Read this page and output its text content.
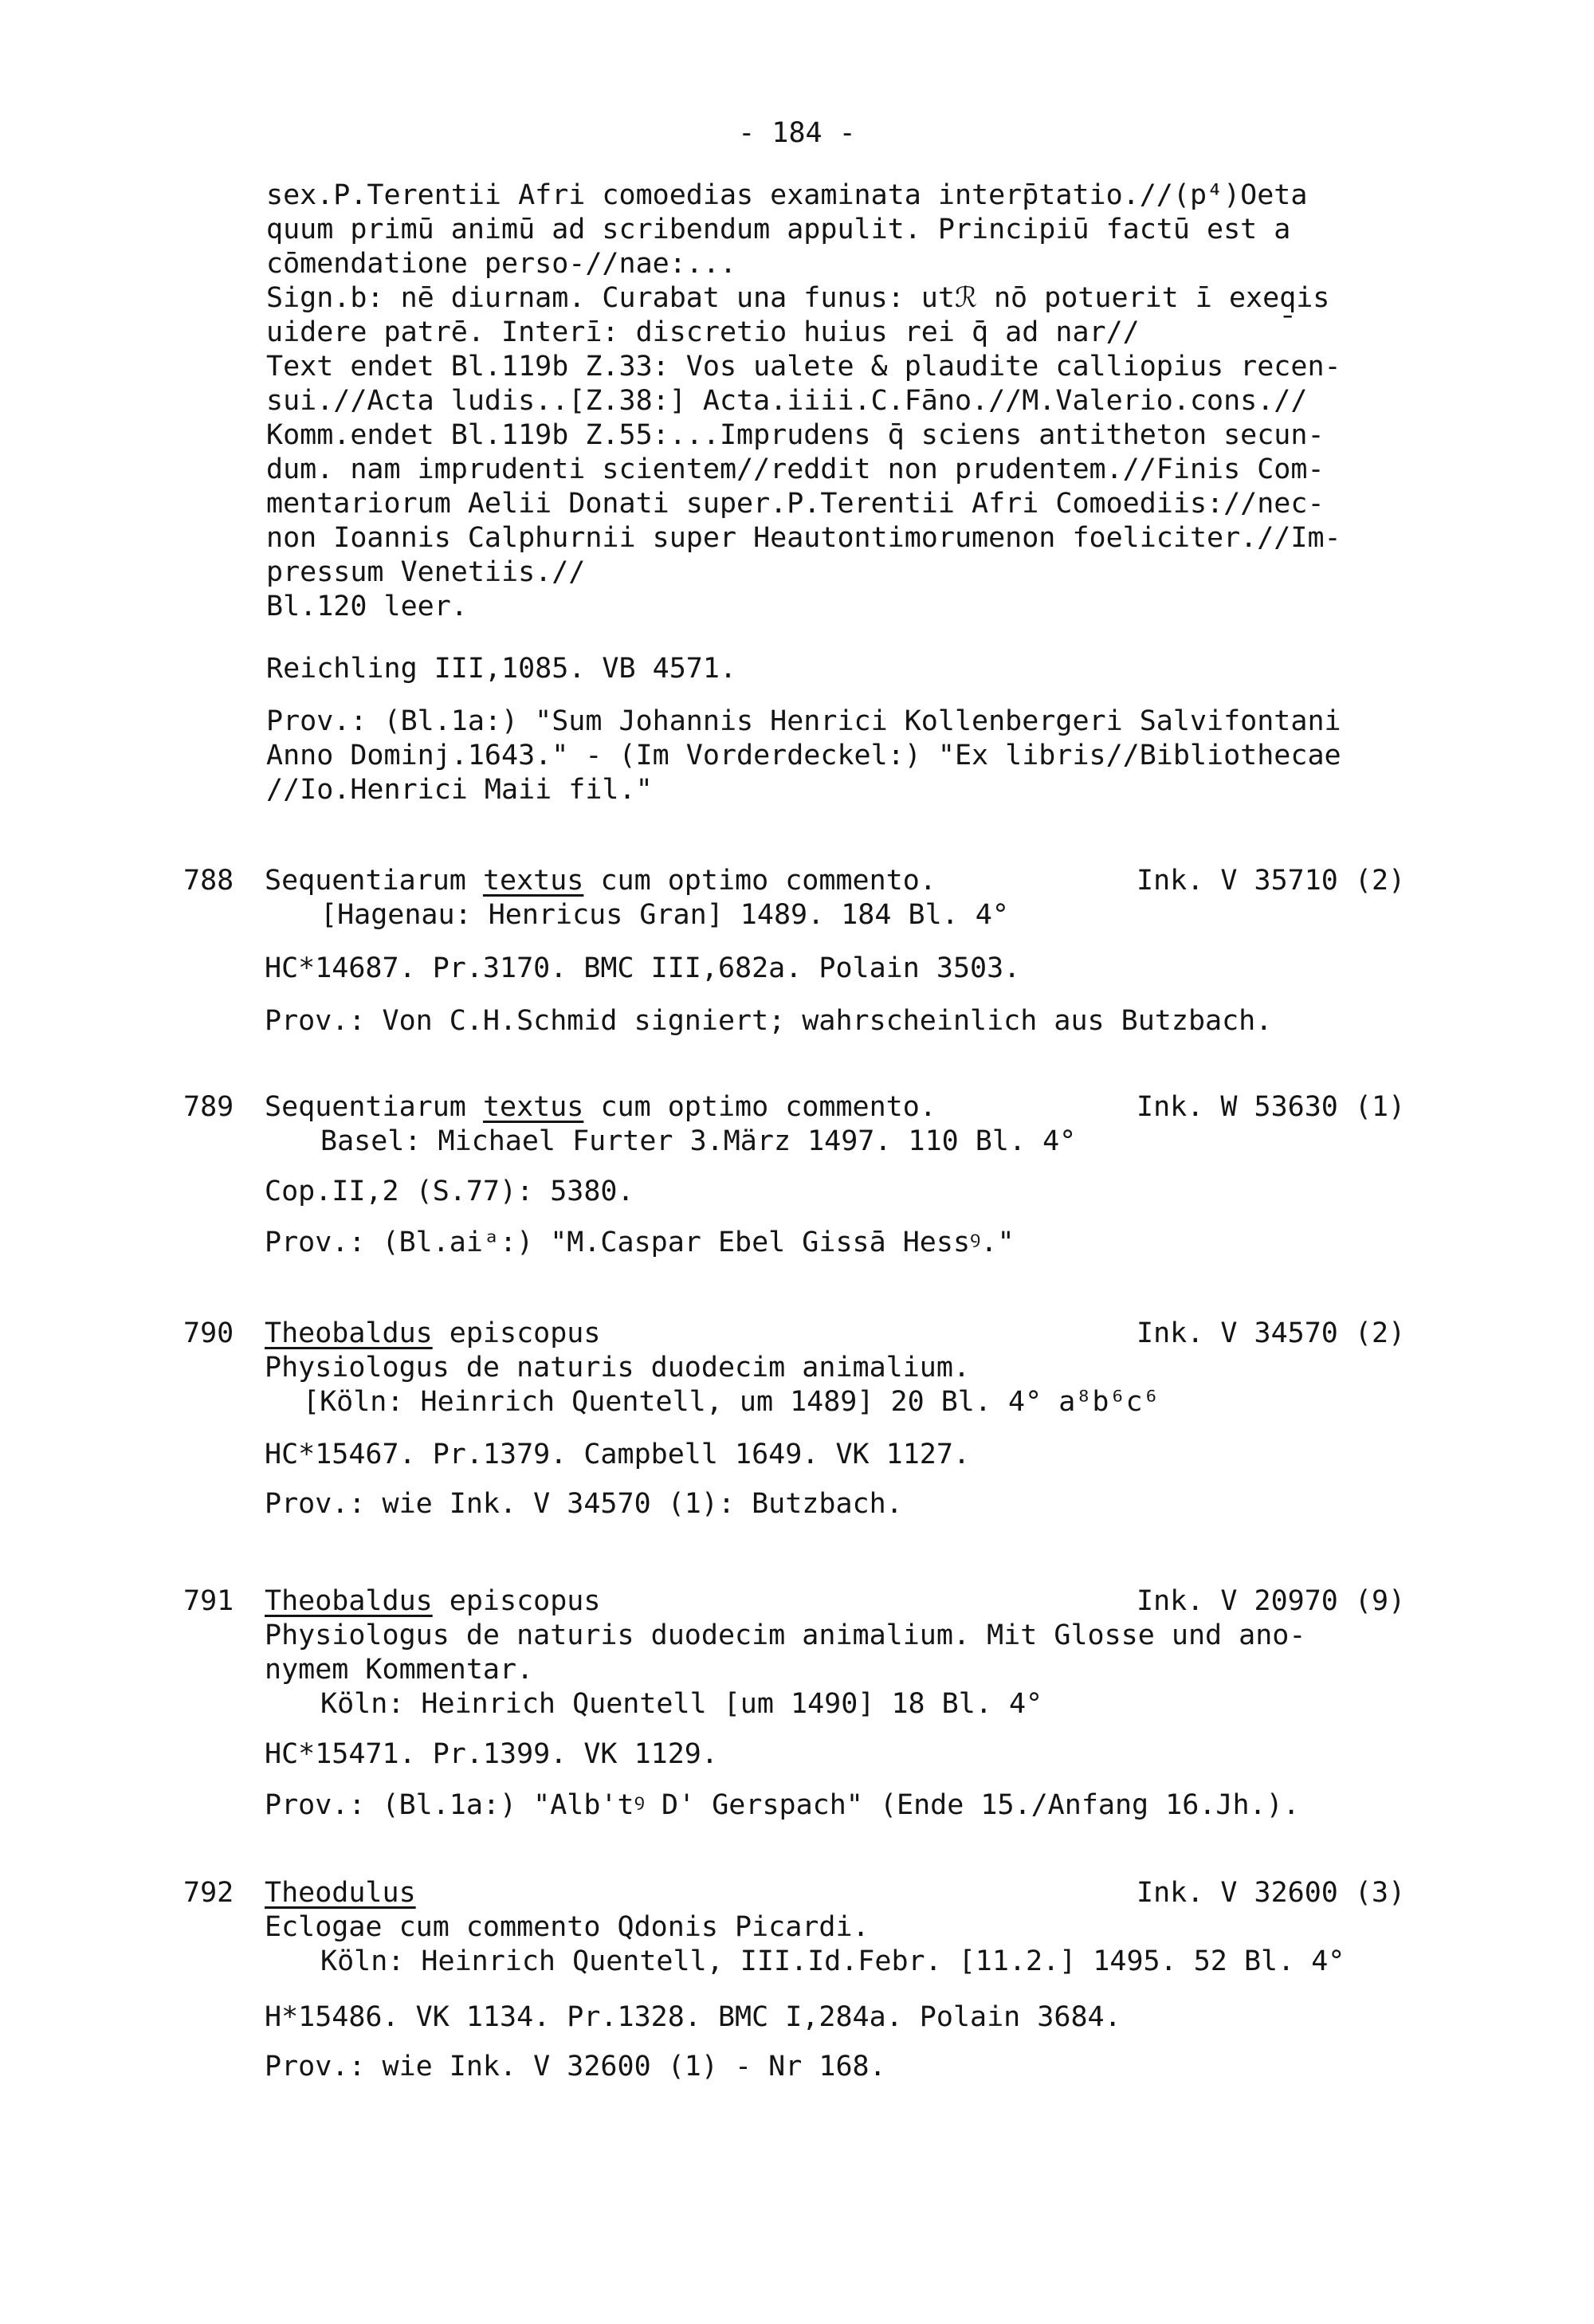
- 184 -
sex.P.Terentii Afri comoedias examinata interp̄tatio.//(p⁴)Oeta
quum primū animū ad scribendum appulit. Principiū factū est a
cōmendatione perso-//nae:...
Sign.b: nē diurnam. Curabat una funus: utℛ nō potuerit ī exeq̱is
uidere patrē. Interī: discretio huius rei q̄ ad nar//
Text endet Bl.119b Z.33: Vos ualete & plaudite calliopius recen-
sui.//Acta ludis..[Z.38:] Acta.iiii.C.Fāno.//M.Valerio.cons.//
Komm.endet Bl.119b Z.55:...Imprudens q̄ sciens antitheton secun-
dum. nam imprudenti scientem//reddit non prudentem.//Finis Com-
mentariorum Aelii Donati super.P.Terentii Afri Comoediis://nec-
non Ioannis Calphurnii super Heautontimorumenon foeliciter.//Im-
pressum Venetiis.//
Bl.120 leer.
Reichling III,1085. VB 4571.
Prov.: (Bl.1a:) "Sum Johannis Henrici Kollenbergeri Salvifontani
Anno Dominj.1643." - (Im Vorderdeckel:) "Ex libris//Bibliothecae
//Io.Henrici Maii fil."
788 Sequentiarum textus cum optimo commento.	Ink. V 35710 (2)
[Hagenau: Henricus Gran] 1489. 184 Bl. 4°
HC*14687. Pr.3170. BMC III,682a. Polain 3503.
Prov.: Von C.H.Schmid signiert; wahrscheinlich aus Butzbach.
789 Sequentiarum textus cum optimo commento.	Ink. W 53630 (1)
Basel: Michael Furter 3.März 1497. 110 Bl. 4°
Cop.II,2 (S.77): 5380.
Prov.: (Bl.aiᵃ:) "M.Caspar Ebel Gissā Hessꝰ."
790 Theobaldus episcopus	Ink. V 34570 (2)
Physiologus de naturis duodecim animalium.
[Köln: Heinrich Quentell, um 1489] 20 Bl. 4° a⁸b⁶c⁶
HC*15467. Pr.1379. Campbell 1649. VK 1127.
Prov.: wie Ink. V 34570 (1): Butzbach.
791 Theobaldus episcopus	Ink. V 20970 (9)
Physiologus de naturis duodecim animalium. Mit Glosse und ano-
nymem Kommentar.
Köln: Heinrich Quentell [um 1490] 18 Bl. 4°
HC*15471. Pr.1399. VK 1129.
Prov.: (Bl.1a:) "Alb'tꝰ D' Gerspach" (Ende 15./Anfang 16.Jh.).
792 Theodulus	Ink. V 32600 (3)
Eclogae cum commento Qdonis Picardi.
Köln: Heinrich Quentell, III.Id.Febr. [11.2.] 1495. 52 Bl. 4°
H*15486. VK 1134. Pr.1328. BMC I,284a. Polain 3684.
Prov.: wie Ink. V 32600 (1) - Nr 168.
